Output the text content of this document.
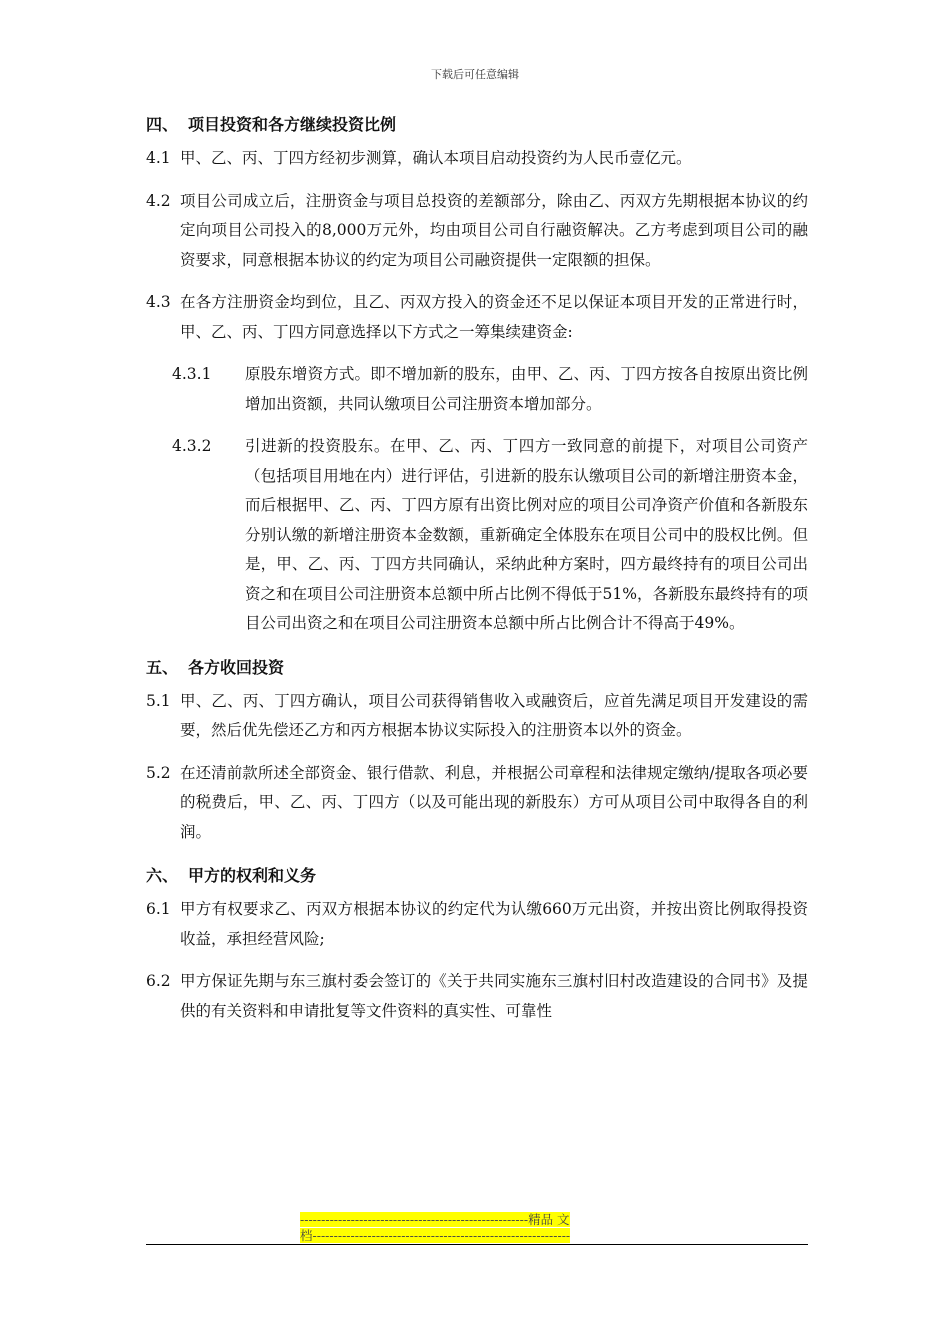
下载后可任意编辑
四、 项目投资和各方继续投资比例
4.1 甲、乙、丙、丁四方经初步测算，确认本项目启动投资约为人民币壹亿元。
4.2 项目公司成立后，注册资金与项目总投资的差额部分，除由乙、丙双方先期根据本协议的约定向项目公司投入的8,000万元外，均由项目公司自行融资解决。乙方考虑到项目公司的融资要求，同意根据本协议的约定为项目公司融资提供一定限额的担保。
4.3 在各方注册资金均到位，且乙、丙双方投入的资金还不足以保证本项目开发的正常进行时，甲、乙、丙、丁四方同意选择以下方式之一筹集续建资金:
4.3.1 原股东增资方式。即不增加新的股东，由甲、乙、丙、丁四方按各自按原出资比例增加出资额，共同认缴项目公司注册资本增加部分。
4.3.2 引进新的投资股东。在甲、乙、丙、丁四方一致同意的前提下，对项目公司资产（包括项目用地在内）进行评估，引进新的股东认缴项目公司的新增注册资本金，而后根据甲、乙、丙、丁四方原有出资比例对应的项目公司净资产价值和各新股东分别认缴的新增注册资本金数额，重新确定全体股东在项目公司中的股权比例。但是，甲、乙、丙、丁四方共同确认，采纳此种方案时，四方最终持有的项目公司出资之和在项目公司注册资本总额中所占比例不得低于51%，各新股东最终持有的项目公司出资之和在项目公司注册资本总额中所占比例合计不得高于49%。
五、 各方收回投资
5.1 甲、乙、丙、丁四方确认，项目公司获得销售收入或融资后，应首先满足项目开发建设的需要，然后优先偿还乙方和丙方根据本协议实际投入的注册资本以外的资金。
5.2 在还清前款所述全部资金、银行借款、利息，并根据公司章程和法律规定缴纳/提取各项必要的税费后，甲、乙、丙、丁四方（以及可能出现的新股东）方可从项目公司中取得各自的利润。
六、 甲方的权利和义务
6.1 甲方有权要求乙、丙双方根据本协议的约定代为认缴660万元出资，并按出资比例取得投资收益，承担经营风险;
6.2 甲方保证先期与东三旗村委会签订的《关于共同实施东三旗村旧村改造建设的合同书》及提供的有关资料和申请批复等文件资料的真实性、可靠性
------------------------------------------------------精品 文
档-------------------------------------------------------------
